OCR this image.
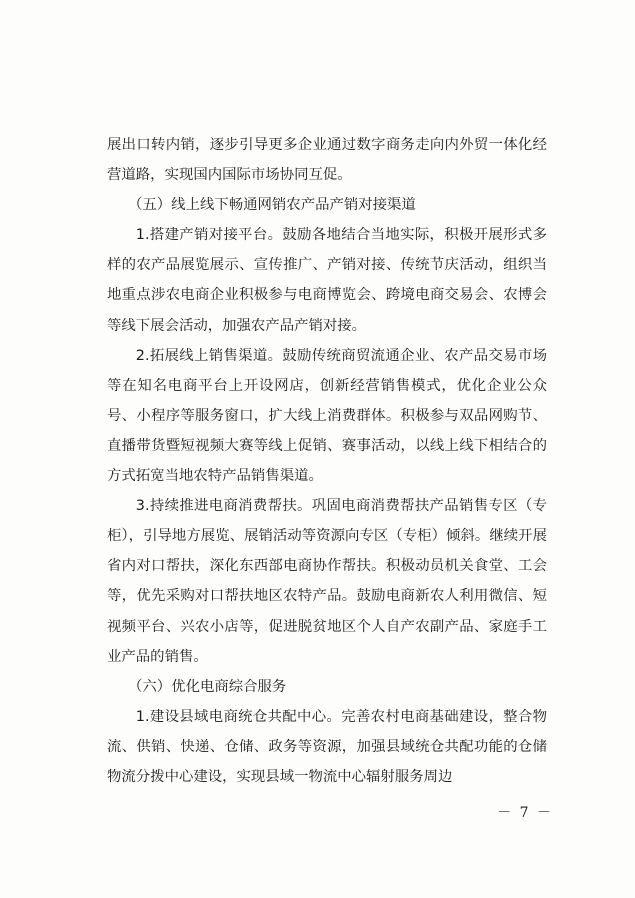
展出口转内销，逐步引导更多企业通过数字商务走向内外贸一体化经营道路，实现国内国际市场协同互促。

（五）线上线下畅通网销农产品产销对接渠道

1.搭建产销对接平台。鼓励各地结合当地实际，积极开展形式多样的农产品展览展示、宣传推广、产销对接、传统节庆活动，组织当地重点涉农电商企业积极参与电商博览会、跨境电商交易会、农博会等线下展会活动，加强农产品产销对接。

2.拓展线上销售渠道。鼓励传统商贸流通企业、农产品交易市场等在知名电商平台上开设网店，创新经营销售模式，优化企业公众号、小程序等服务窗口，扩大线上消费群体。积极参与双品网购节、直播带货暨短视频大赛等线上促销、赛事活动，以线上线下相结合的方式拓宽当地农特产品销售渠道。

3.持续推进电商消费帮扶。巩固电商消费帮扶产品销售专区（专柜），引导地方展览、展销活动等资源向专区（专柜）倾斜。继续开展省内对口帮扶，深化东西部电商协作帮扶。积极动员机关食堂、工会等，优先采购对口帮扶地区农特产品。鼓励电商新农人利用微信、短视频平台、兴农小店等，促进脱贫地区个人自产农副产品、家庭手工业产品的销售。

（六）优化电商综合服务

1.建设县域电商统仓共配中心。完善农村电商基础建设，整合物流、供销、快递、仓储、政务等资源，加强县域统仓共配功能的仓储物流分拨中心建设，实现县域一物流中心辐射服务周边

－ 7 －
